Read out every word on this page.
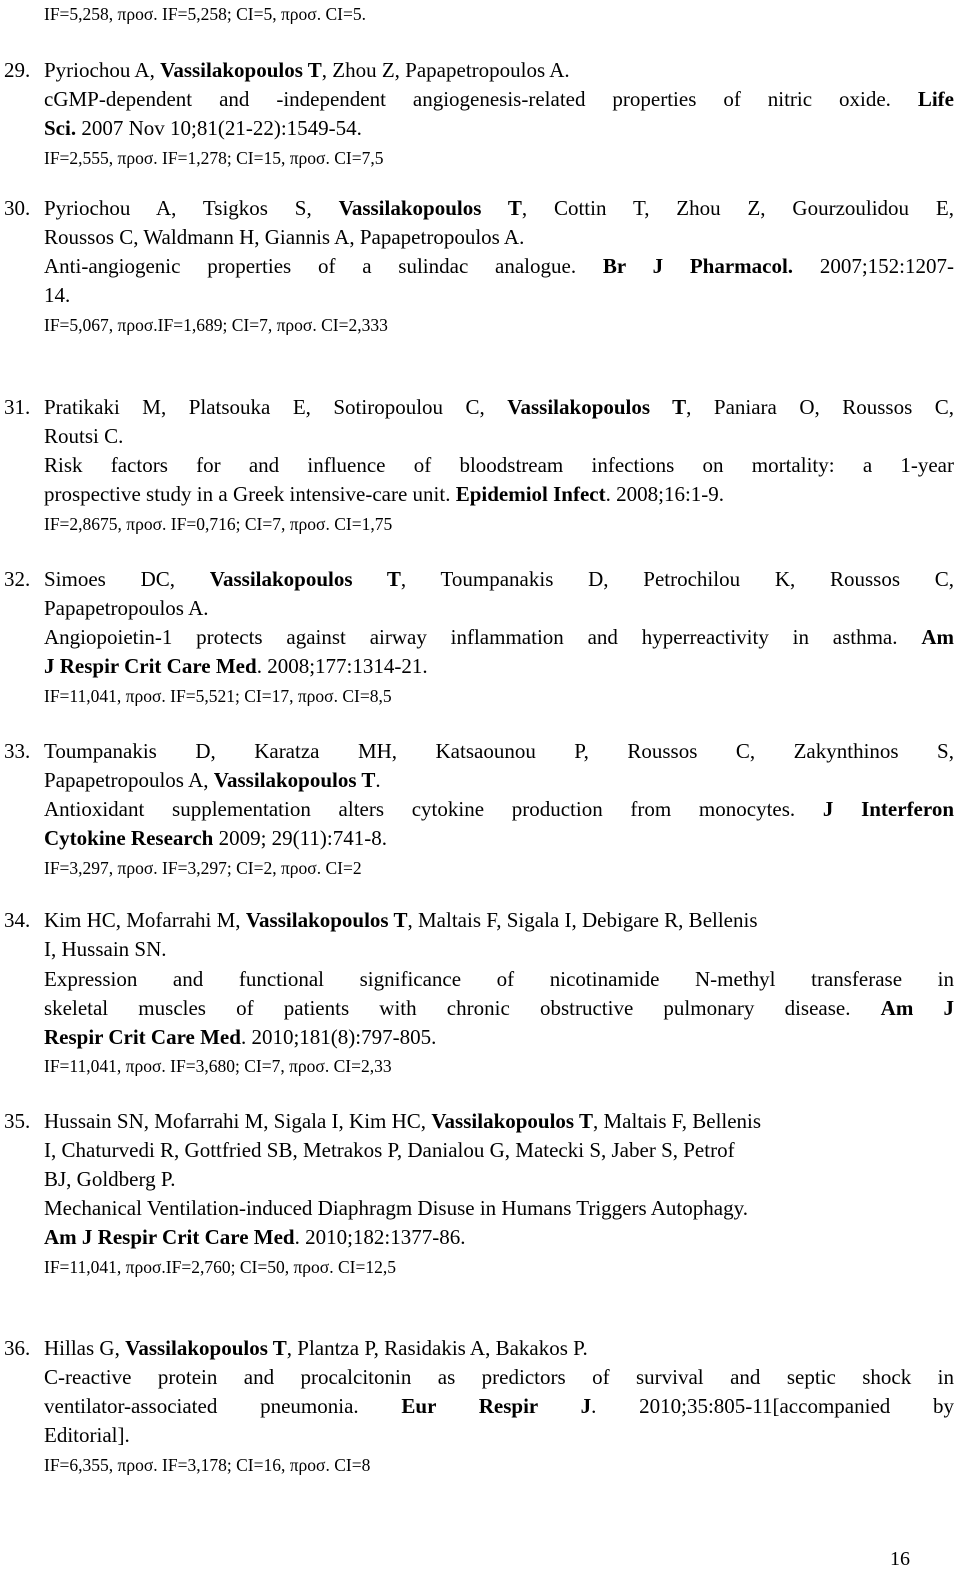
IF=5,258, προσ. IF=5,258; CI=5, προσ. CI=5.
29. Pyriochou A, Vassilakopoulos T, Zhou Z, Papapetropoulos A.
cGMP-dependent and -independent angiogenesis-related properties of nitric oxide. Life
Sci. 2007 Nov 10;81(21-22):1549-54.
IF=2,555, προσ. IF=1,278; CI=15, προσ. CI=7,5
30. Pyriochou A, Tsigkos S, Vassilakopoulos T, Cottin T, Zhou Z, Gourzoulidou E,
Roussos C, Waldmann H, Giannis A, Papapetropoulos A.
Anti-angiogenic properties of a sulindac analogue. Br J Pharmacol. 2007;152:1207-
14.
IF=5,067, προσ.IF=1,689; CI=7, προσ. CI=2,333
31. Pratikaki M, Platsouka E, Sotiropoulou C, Vassilakopoulos T, Paniara O, Roussos C,
Routsi C.
Risk factors for and influence of bloodstream infections on mortality: a 1-year
prospective study in a Greek intensive-care unit. Epidemiol Infect. 2008;16:1-9.
IF=2,8675, προσ. IF=0,716; CI=7, προσ. CI=1,75
32. Simoes DC, Vassilakopoulos T, Toumpanakis D, Petrochilou K, Roussos C,
Papapetropoulos A.
Angiopoietin-1 protects against airway inflammation and hyperreactivity in asthma. Am
J Respir Crit Care Med. 2008;177:1314-21.
IF=11,041, προσ. IF=5,521; CI=17, προσ. CI=8,5
33. Toumpanakis D, Karatza MH, Katsaounou P, Roussos C, Zakynthinos S,
Papapetropoulos A, Vassilakopoulos T.
Antioxidant supplementation alters cytokine production from monocytes. J Interferon
Cytokine Research 2009; 29(11):741-8.
IF=3,297, προσ. IF=3,297; CI=2, προσ. CI=2
34. Kim HC, Mofarrahi M, Vassilakopoulos T, Maltais F, Sigala I, Debigare R, Bellenis
I, Hussain SN.
Expression and functional significance of nicotinamide N-methyl transferase in
skeletal muscles of patients with chronic obstructive pulmonary disease. Am J
Respir Crit Care Med. 2010;181(8):797-805.
IF=11,041, προσ. IF=3,680; CI=7, προσ. CI=2,33
35. Hussain SN, Mofarrahi M, Sigala I, Kim HC, Vassilakopoulos T, Maltais F, Bellenis
I, Chaturvedi R, Gottfried SB, Metrakos P, Danialou G, Matecki S, Jaber S, Petrof
BJ, Goldberg P.
Mechanical Ventilation-induced Diaphragm Disuse in Humans Triggers Autophagy.
Am J Respir Crit Care Med. 2010;182:1377-86.
IF=11,041, προσ.IF=2,760; CI=50, προσ. CI=12,5
36. Hillas G, Vassilakopoulos T, Plantza P, Rasidakis A, Bakakos P.
C-reactive protein and procalcitonin as predictors of survival and septic shock in
ventilator-associated pneumonia. Eur Respir J. 2010;35:805-11[accompanied by
Editorial].
IF=6,355, προσ. IF=3,178; CI=16, προσ. CI=8
16
